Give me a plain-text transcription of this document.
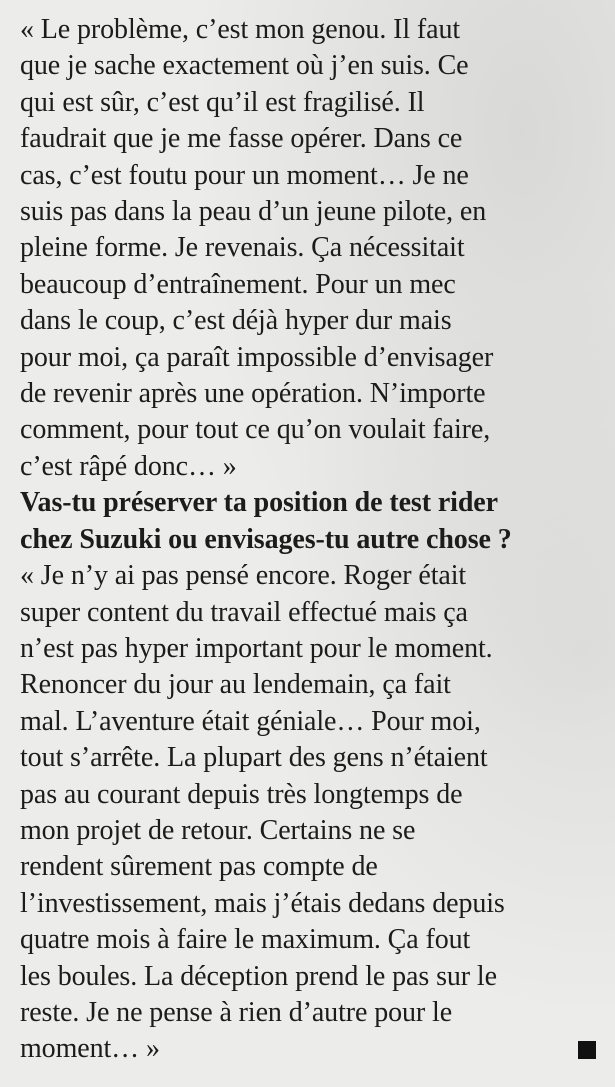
« Le problème, c’est mon genou. Il faut
que je sache exactement où j’en suis. Ce
qui est sûr, c’est qu’il est fragilisé. Il
faudrait que je me fasse opérer. Dans ce
cas, c’est foutu pour un moment… Je ne
suis pas dans la peau d’un jeune pilote, en
pleine forme. Je revenais. Ça nécessitait
beaucoup d’entraînement. Pour un mec
dans le coup, c’est déjà hyper dur mais
pour moi, ça paraît impossible d’envisager
de revenir après une opération. N’importe
comment, pour tout ce qu’on voulait faire,
c’est râpé donc… »

Vas-tu préserver ta position de test rider
chez Suzuki ou envisages-tu autre chose ?

« Je n’y ai pas pensé encore. Roger était
super content du travail effectué mais ça
n’est pas hyper important pour le moment.
Renoncer du jour au lendemain, ça fait
mal. L’aventure était géniale… Pour moi,
tout s’arrête. La plupart des gens n’étaient
pas au courant depuis très longtemps de
mon projet de retour. Certains ne se
rendent sûrement pas compte de
l’investissement, mais j’étais dedans depuis
quatre mois à faire le maximum. Ça fout
les boules. La déception prend le pas sur le
reste. Je ne pense à rien d’autre pour le
moment… »
